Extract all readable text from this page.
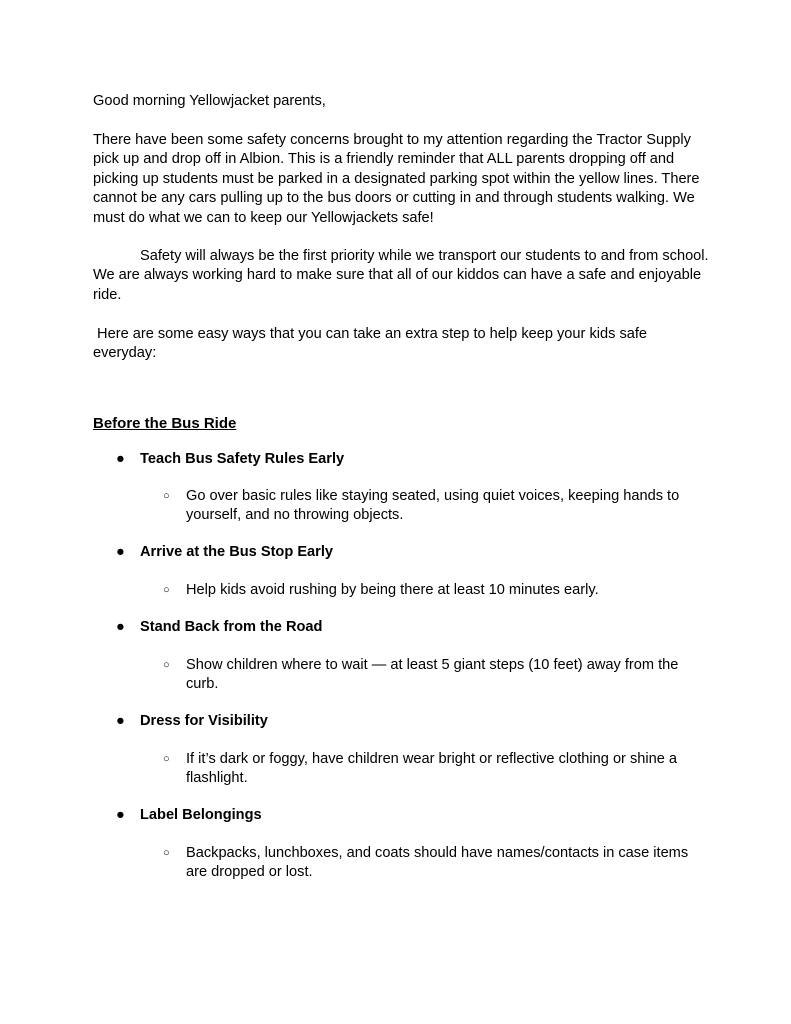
Good morning Yellowjacket parents,
There have been some safety concerns brought to my attention regarding the Tractor Supply
pick up and drop off in Albion. This is a friendly reminder that ALL parents dropping off and
picking up students must be parked in a designated parking spot within the yellow lines. There
cannot be any cars pulling up to the bus doors or cutting in and through students walking. We
must do what we can to keep our Yellowjackets safe!
Safety will always be the first priority while we transport our students to and from school.
We are always working hard to make sure that all of our kiddos can have a safe and enjoyable
ride.
Here are some easy ways that you can take an extra step to help keep your kids safe
everyday:
Before the Bus Ride
● Teach Bus Safety Rules Early
○ Go over basic rules like staying seated, using quiet voices, keeping hands to
yourself, and no throwing objects.
● Arrive at the Bus Stop Early
○ Help kids avoid rushing by being there at least 10 minutes early.
● Stand Back from the Road
○ Show children where to wait — at least 5 giant steps (10 feet) away from the
curb.
● Dress for Visibility
○ If it’s dark or foggy, have children wear bright or reflective clothing or shine a
flashlight.
● Label Belongings
○ Backpacks, lunchboxes, and coats should have names/contacts in case items
are dropped or lost.
